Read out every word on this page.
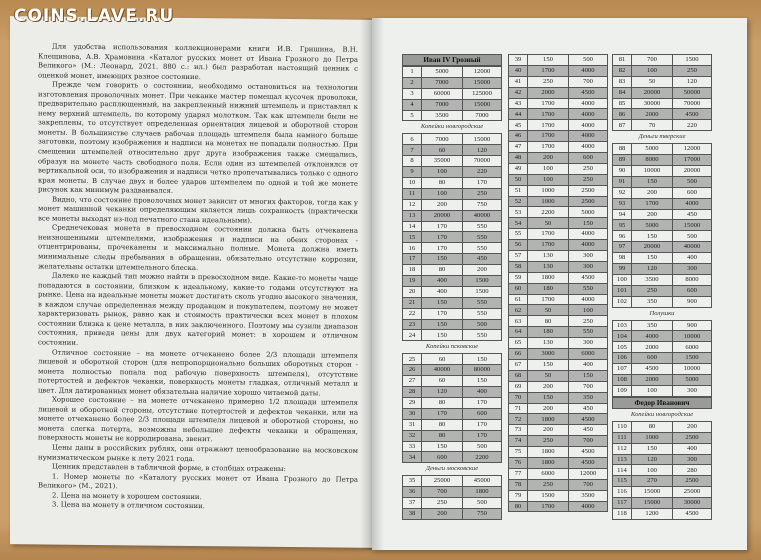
Для удобства использования коллекционерами книги И.В. Гришина, В.Н. Клещинова, А.В. Храмовина «Каталог русских монет от Ивана Грозного до Петра Великого» (М.: Леонард, 2021. 880 с.: ил.) был разработан настоящий ценник с оценкой монет, имеющих разное состояние.

Прежде чем говорить о состоянии, необходимо остановиться на технологии изготовления проволочных монет. При чеканке мастер помещал кусочек проволоки, предварительно расплющенный, на закрепленный нижний штемпель и приставлял к нему верхний штемпель, по которому ударял молотком. Так как штемпели были не закреплены, то отсутствует определенная ориентация лицевой и оборотной сторон монеты. В большинстве случаев рабочая площадь штемпеля была намного больше заготовки, поэтому изображения и надписи на монетах не попадали полностью. При смещении штемпелей относительно друг друга изображения также смещались, образуя на монете часть свободного поля. Если один из штемпелей отклонялся от вертикальной оси, то изображения и надписи четко пропечатывались только с одного края монеты. В случае двух и более ударов штемпелем по одной и той же монете рисунок как минимум раздваивался.

Видно, что состояние проволочных монет зависит от многих факторов, тогда как у монет машинной чеканки определяющим является лишь сохранность (практически все монеты выходят из-под печатного стана идеальными).

Среднечековая монета в превосходном состоянии должна быть отчеканена неизношенными штемпелями, изображения и надписи на обеих сторонах - отцентрированы, прочеканены и максимально полные. Монета должна иметь минимальные следы пребывания в обращении, обязательно отсутствие коррозии, желательны остатки штемпельного блеска.

Далеко не каждый тип можно найти в превосходном виде. Какие-то монеты чаще попадаются в состоянии, близком к идеальному, какие-то годами отсутствуют на рынке. Цена на идеальные монеты может достигать сколь угодно высокого значения, в каждом случае определенная между продавцом и покупателем, поэтому не может характеризовать рынок, равно как и стоимость практически всех монет в плохом состоянии близка к цене металла, в них заключенного. Поэтому мы сузили диапазон состояния, приведя цены для двух категорий монет: в хорошем и отличном состоянии.

Отличное состояние – на монете отчеканено более 2/3 площади штемпеля лицевой и оборотной сторон (для непропорционально больших оборотных сторон - монета полностью попала под рабочую поверхность штемпеля), отсутствие потертостей и дефектов чеканки, поверхность монеты гладкая, отличный металл и цвет. Для датированных монет обязательна наличие хорошо читаемой даты.

Хорошее состояние – на монете отчеканено примерно 1/2 площади штемпеля лицевой и оборотной стороны, отсутствие потертостей и дефектов чеканки, или на монете отчеканено более 2/3 площади штемпеля лицевой и оборотной стороны, но монета слегка потерта, возможны небольшие дефекты чеканки и обращения, поверхность монеты не корродирована, звенит.

Цены даны в российских рублях, они отражают ценообразование на московском нумизматическом рынке к лету 2021 года.

Ценник представлен в табличной форме, в столбцах отражены:

1. Номер монеты по «Каталогу русских монет от Ивана Грозного до Петра Великого» (М., 2021).

2. Цена на монету в хорошем состоянии.

3. Цена на монету в отличном состоянии.

Иван IV Грозный
1	5000	12000
2	7000	15000
3	60000	125000
4	7000	15000
5	3500	7000
Копейки новгородские
6	7000	15000
7	60	120
8	35000	70000
9	100	220
10	80	170
11	100	250
12	200	750
13	20000	40000
14	170	550
15	170	550
16	170	550
17	150	450
18	80	200
19	400	1500
20	400	1500
21	150	550
22	170	550
23	150	500
24	150	550
Копейки псковские
25	60	150
26	40000	80000
27	60	150
28	120	400
29	80	170
30	170	600
31	80	170
32	80	170
33	150	500
34	600	2200
Деньги московские
35	25000	45000
36	700	1800
37	250	500
38	200	750
39	150	500
40	1700	4000
41	250	700
42	2000	4500
43	1700	4000
44	1700	4000
45	1700	4000
46	1700	4000
47	1700	4000
48	200	600
49	100	250
50	100	250
51	1000	2500
52	1000	2500
53	2200	5000
54	50	150
55	1700	4000
56	1700	4000
57	130	300
58	130	300
59	1800	4500
60	180	550
61	1700	4000
62	50	100
63	80	250
64	180	550
65	130	300
66	3000	6000
67	150	400
68	50	150
69	200	700
70	150	350
71	200	450
72	1800	4500
73	200	450
74	250	700
75	1800	4500
76	1800	4500
77	6000	12000
78	250	700
79	1500	3500
80	1700	4000
81	700	1500
82	100	250
83	50	120
84	20000	50000
85	30000	70000
86	2000	4500
87	70	220
Деньги тверские
88	5000	12000
89	8000	17000
90	10000	20000
91	150	500
92	200	600
93	1700	4000
94	200	450
95	5000	15000
96	150	500
97	20000	40000
98	150	400
99	120	300
100	3500	8000
101	250	600
102	350	900
Полушки
103	350	900
104	4000	10000
105	2000	6000
106	600	1500
107	4500	10000
108	2000	5000
109	100	300
Федор Иванович
Копейки новгородские
110	80	200
111	1000	2500
112	150	400
113	120	300
114	100	280
115	270	2500
116	15000	25000
117	15000	30000
118	1200	4500
COINS.LAVE.RU
